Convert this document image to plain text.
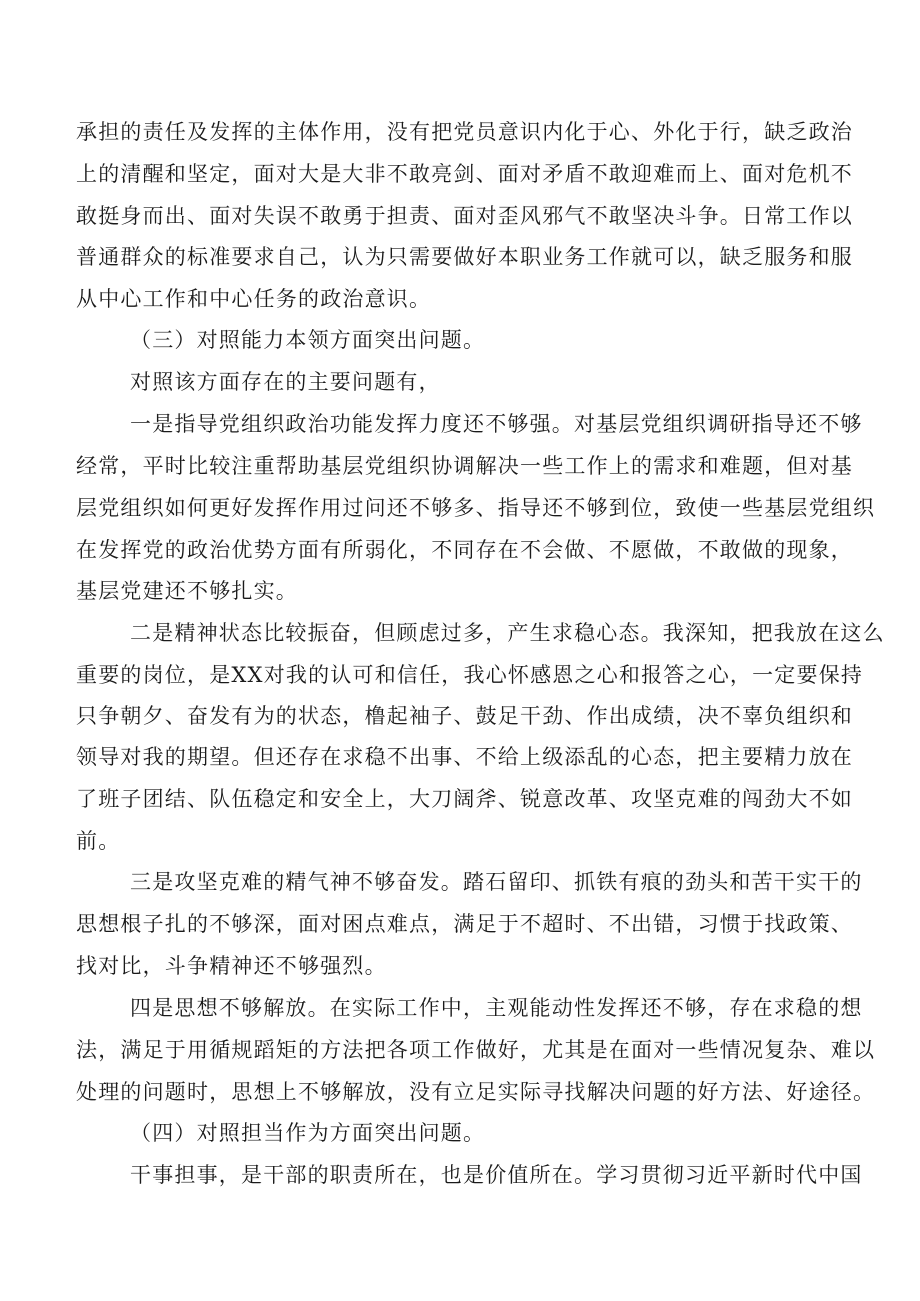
承担的责任及发挥的主体作用，没有把党员意识内化于心、外化于行，缺乏政治
上的清醒和坚定，面对大是大非不敢亮剑、面对矛盾不敢迎难而上、面对危机不
敢挺身而出、面对失误不敢勇于担责、面对歪风邪气不敢坚决斗争。日常工作以
普通群众的标准要求自己，认为只需要做好本职业务工作就可以，缺乏服务和服
从中心工作和中心任务的政治意识。
（三）对照能力本领方面突出问题。
对照该方面存在的主要问题有，
一是指导党组织政治功能发挥力度还不够强。对基层党组织调研指导还不够
经常，平时比较注重帮助基层党组织协调解决一些工作上的需求和难题，但对基
层党组织如何更好发挥作用过问还不够多、指导还不够到位，致使一些基层党组织
在发挥党的政治优势方面有所弱化，不同存在不会做、不愿做，不敢做的现象，
基层党建还不够扎实。
二是精神状态比较振奋，但顾虑过多，产生求稳心态。我深知，把我放在这么
重要的岗位，是XX对我的认可和信任，我心怀感恩之心和报答之心，一定要保持
只争朝夕、奋发有为的状态，橹起袖子、鼓足干劲、作出成绩，决不辜负组织和
领导对我的期望。但还存在求稳不出事、不给上级添乱的心态，把主要精力放在
了班子团结、队伍稳定和安全上，大刀阔斧、锐意改革、攻坚克难的闯劲大不如
前。
三是攻坚克难的精气神不够奋发。踏石留印、抓铁有痕的劲头和苦干实干的
思想根子扎的不够深，面对困点难点，满足于不超时、不出错，习惯于找政策、
找对比，斗争精神还不够强烈。
四是思想不够解放。在实际工作中，主观能动性发挥还不够，存在求稳的想
法，满足于用循规蹈矩的方法把各项工作做好，尤其是在面对一些情况复杂、难以
处理的问题时，思想上不够解放，没有立足实际寻找解决问题的好方法、好途径。
（四）对照担当作为方面突出问题。
干事担事，是干部的职责所在，也是价值所在。学习贯彻习近平新时代中国
